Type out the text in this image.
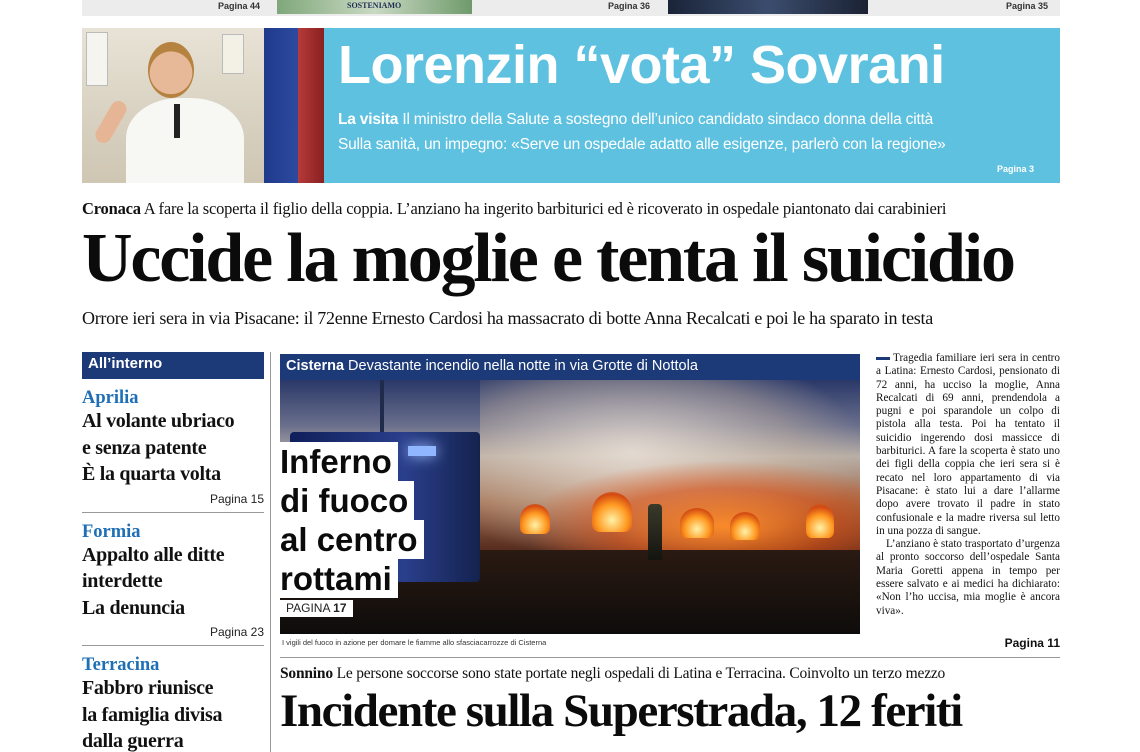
Pagina 44	Pagina 36	Pagina 35
SOSTENIAMO
Lorenzin “vota” Sovrani
La visita Il ministro della Salute a sostegno dell’unico candidato sindaco donna della città
Sulla sanità, un impegno: «Serve un ospedale adatto alle esigenze, parlerò con la regione»
Pagina 3
Cronaca A fare la scoperta il figlio della coppia. L’anziano ha ingerito barbiturici ed è ricoverato in ospedale piantonato dai carabinieri
Uccide la moglie e tenta il suicidio
Orrore ieri sera in via Pisacane: il 72enne Ernesto Cardosi ha massacrato di botte Anna Recalcati e poi le ha sparato in testa
All’interno
Aprilia
Al volante ubriaco
e senza patente
È la quarta volta
Pagina 15
Formia
Appalto alle ditte
interdette
La denuncia
Pagina 23
Terracina
Fabbro riunisce
la famiglia divisa
dalla guerra
Cisterna Devastante incendio nella notte in via Grotte di Nottola
Inferno
di fuoco
al centro
rottami
PAGINA 17
I vigili del fuoco in azione per domare le fiamme allo sfasciacarrozze di Cisterna

Tragedia familiare ieri sera in centro a Latina: Ernesto Cardosi, pensionato di 72 anni, ha ucciso la moglie, Anna Recalcati di 69 anni, prendendola a pugni e poi sparandole un colpo di pistola alla testa. Poi ha tentato il suicidio ingerendo dosi massicce di barbiturici. A fare la scoperta è stato uno dei figli della coppia che ieri sera si è recato nel loro appartamento di via Pisacane: è stato lui a dare l’allarme dopo avere trovato il padre in stato confusionale e la madre riversa sul letto in una pozza di sangue.

L’anziano è stato trasportato d’urgenza al pronto soccorso dell’ospedale Santa Maria Goretti appena in tempo per essere salvato e ai medici ha dichiarato: «Non l’ho uccisa, mia moglie è ancora viva».

Pagina 11
Sonnino Le persone soccorse sono state portate negli ospedali di Latina e Terracina. Coinvolto un terzo mezzo
Incidente sulla Superstrada, 12 feriti
